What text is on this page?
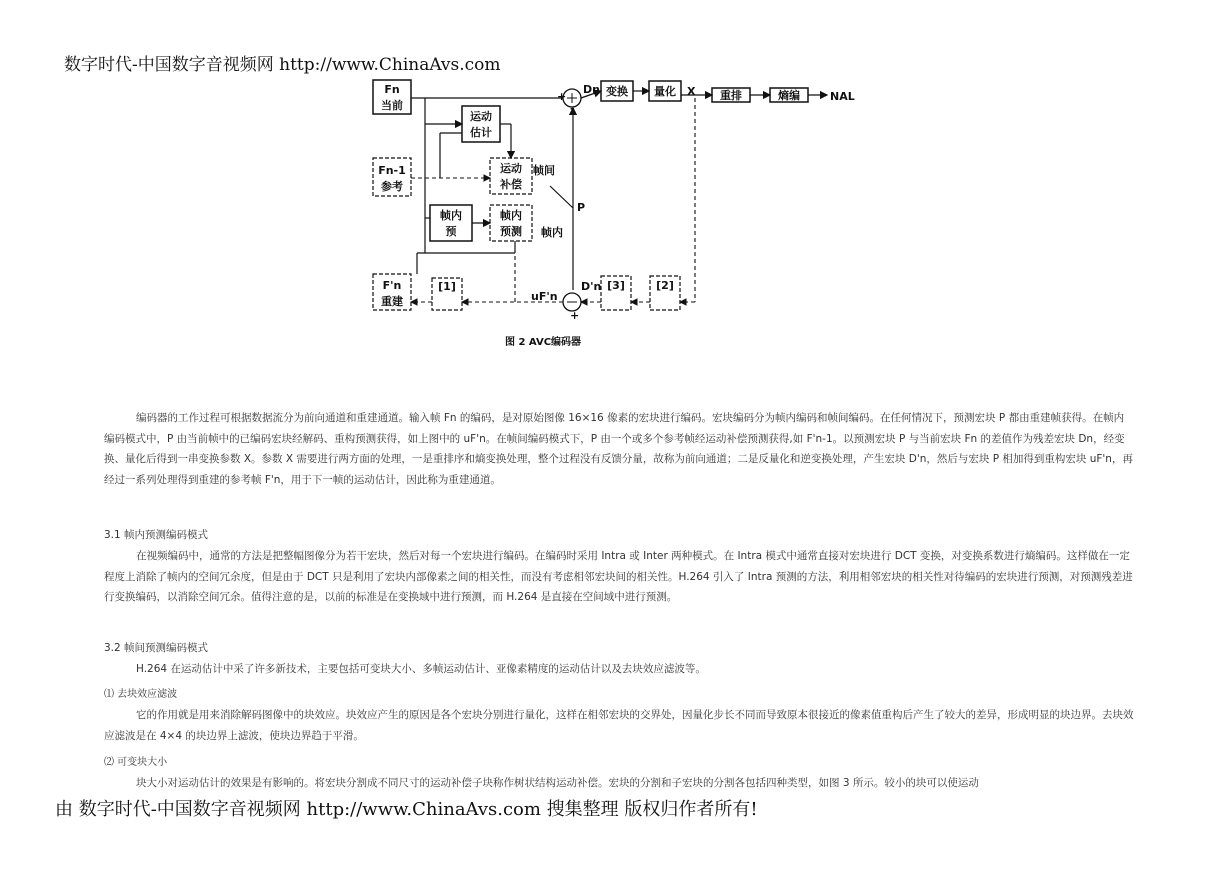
数字时代-中国数字音视频网 http://www.ChinaAvs.com
Fn
当前
Fn-1
参考
F'n
重建
运动
估计
运动
补偿
帧内
预
帧内
预测
变换 量化	重排	熵编	NAL
[1]	[3]	[2]
Dn	X
P
帧间
帧内
uF'n
D'n
+
+
-
图 2 AVC编码器

编码器的工作过程可根据数据流分为前向通道和重建通道。输入帧 Fn 的编码，是对原始图像 16×16 像素的宏块进行编码。宏块编码分为帧内编码和帧间编码。在任何情况下，预测宏块 P 都由重建帧获得。在帧内编码模式中，P 由当前帧中的已编码宏块经解码、重构预测获得，如上图中的 uF'n。在帧间编码模式下，P 由一个或多个参考帧经运动补偿预测获得,如 F'n-1。以预测宏块 P 与当前宏块 Fn 的差值作为残差宏块 Dn，经变换、量化后得到一串变换参数 X。参数 X 需要进行两方面的处理，一是重排序和熵变换处理，整个过程没有反馈分量，故称为前向通道；二是反量化和逆变换处理，产生宏块 D'n，然后与宏块 P 相加得到重构宏块 uF'n，再经过一系列处理得到重建的参考帧 F'n，用于下一帧的运动估计，因此称为重建通道。

3.1 帧内预测编码模式

在视频编码中，通常的方法是把整幅图像分为若干宏块，然后对每一个宏块进行编码。在编码时采用 Intra 或 Inter 两种模式。在 Intra 模式中通常直接对宏块进行 DCT 变换，对变换系数进行熵编码。这样做在一定程度上消除了帧内的空间冗余度，但是由于 DCT 只是利用了宏块内部像素之间的相关性，而没有考虑相邻宏块间的相关性。H.264 引入了 Intra 预测的方法，利用相邻宏块的相关性对待编码的宏块进行预测，对预测残差进行变换编码，以消除空间冗余。值得注意的是，以前的标准是在变换域中进行预测，而 H.264 是直接在空间域中进行预测。

3.2 帧间预测编码模式

H.264 在运动估计中采了许多新技术，主要包括可变块大小、多帧运动估计、亚像素精度的运动估计以及去块效应滤波等。

⑴ 去块效应滤波

它的作用就是用来消除解码图像中的块效应。块效应产生的原因是各个宏块分别进行量化，这样在相邻宏块的交界处，因量化步长不同而导致原本很接近的像素值重构后产生了较大的差异，形成明显的块边界。去块效应滤波是在 4×4 的块边界上滤波，使块边界趋于平滑。

⑵ 可变块大小

块大小对运动估计的效果是有影响的。将宏块分割成不同尺寸的运动补偿子块称作树状结构运动补偿。宏块的分割和子宏块的分割各包括四种类型，如图 3 所示。较小的块可以使运动

由 数字时代-中国数字音视频网 http://www.ChinaAvs.com 搜集整理 版权归作者所有!
